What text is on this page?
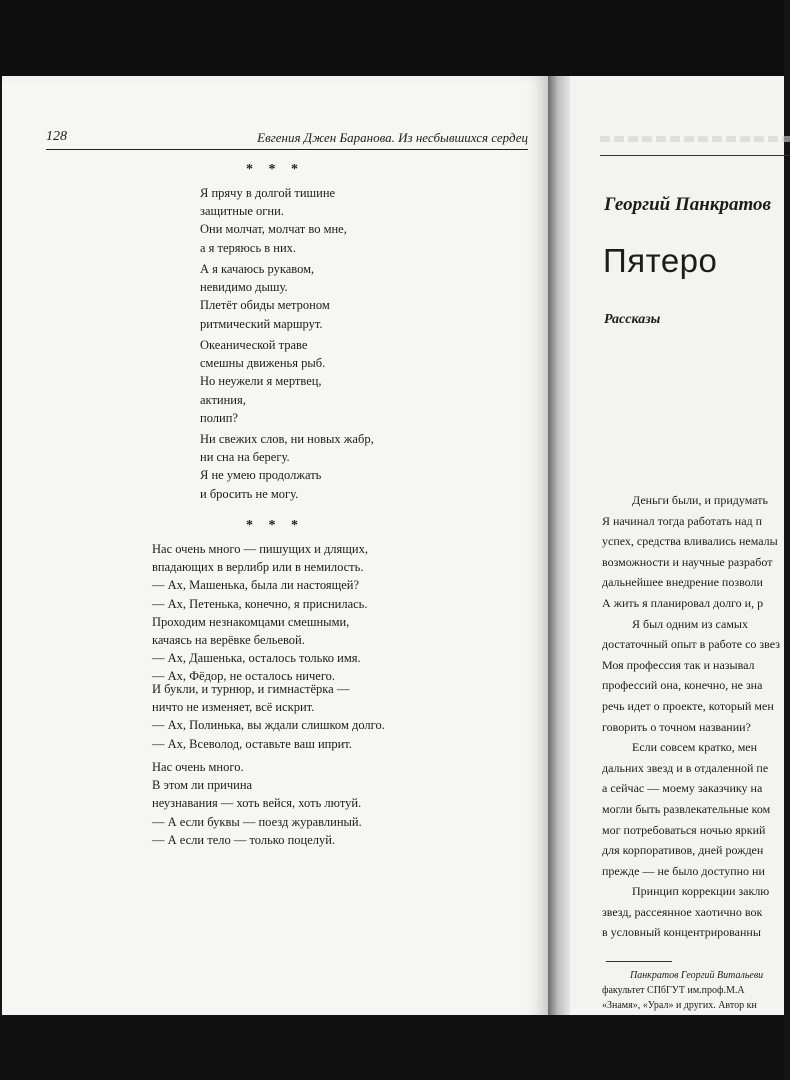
128	Евгения Джен Баранова. Из несбывшихся сердец
* * *
Я прячу в долгой тишине
защитные огни.
Они молчат, молчат во мне,
а я теряюсь в них.
А я качаюсь рукавом,
невидимо дышу.
Плетёт обиды метроном
ритмический маршрут.
Океанической траве
смешны движенья рыб.
Но неужели я мертвец,
актиния,
полип?
Ни свежих слов, ни новых жабр,
ни сна на берегу.
Я не умею продолжать
и бросить не могу.
* * *
Нас очень много — пишущих и длящих,
впадающих в верлибр или в немилость.
— Ах, Машенька, была ли настоящей?
— Ах, Петенька, конечно, я приснилась.
Проходим незнакомцами смешными,
качаясь на верёвке бельевой.
— Ах, Дашенька, осталось только имя.
— Ах, Фёдор, не осталось ничего.
И букли, и турнюр, и гимнастёрка —
ничто не изменяет, всё искрит.
— Ах, Полинька, вы ждали слишком долго.
— Ах, Всеволод, оставьте ваш иприт.
Нас очень много.
В этом ли причина
неузнавания — хоть вейся, хоть лютуй.
— А если буквы — поезд журавлиный.
— А если тело — только поцелуй.
Георгий Панкратов
Пятеро
Рассказы
Деньги были, и придумать
Я начинал тогда работать над п
успех, средства вливались немалы
возможности и научные разработ
дальнейшее внедрение позволи
А жить я планировал долго и, р
Я был одним из самых
достаточный опыт в работе со звез
Моя профессия так и называл
профессий она, конечно, не зна
речь идет о проекте, который мен
говорить о точном названии?
Если совсем кратко, мен
дальних звезд и в отдаленной пе
а сейчас — моему заказчику на
могли быть развлекательные ком
мог потребоваться ночью яркий
для корпоративов, дней рожден
прежде — не было доступно ни
Принцип коррекции заклю
звезд, рассеянное хаотично вок
в условный концентрированны
Панкратов Георгий Витальеви
факультет СПбГУТ им.проф.М.А
«Знамя», «Урал» и других. Автор кн
